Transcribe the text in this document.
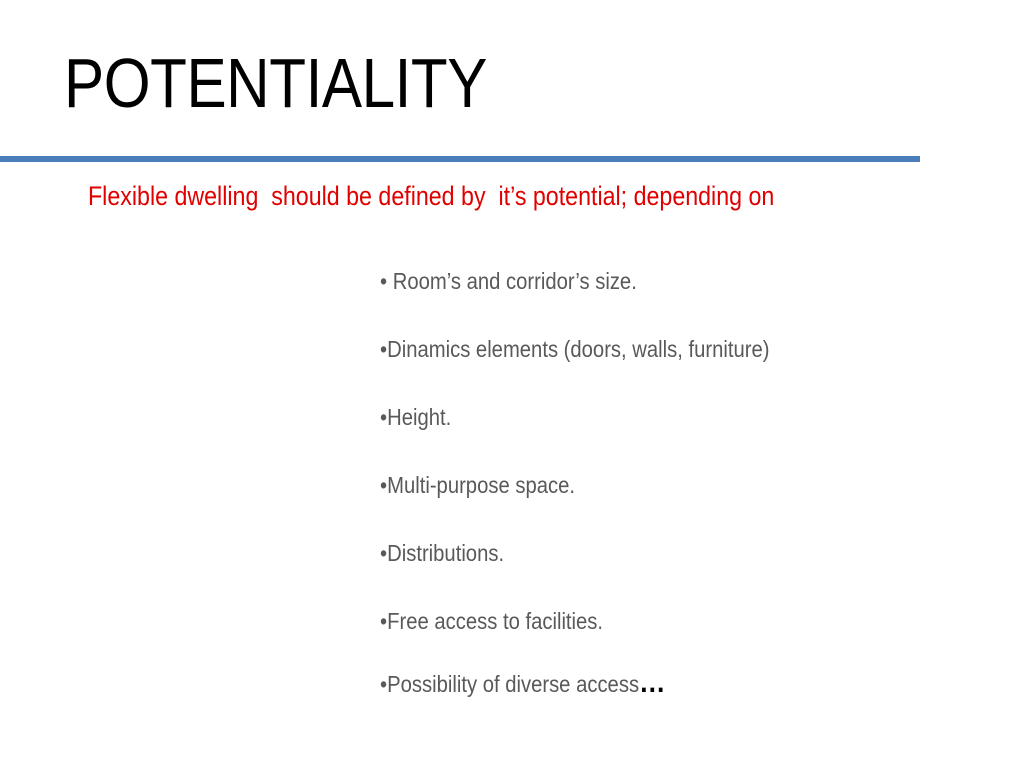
POTENTIALITY
Flexible dwelling  should be defined by  it’s potential; depending on
• Room’s and corridor’s size.
•Dinamics elements (doors, walls, furniture)
•Height.
•Multi-purpose space.
•Distributions.
•Free access to facilities.
•Possibility of diverse access…
